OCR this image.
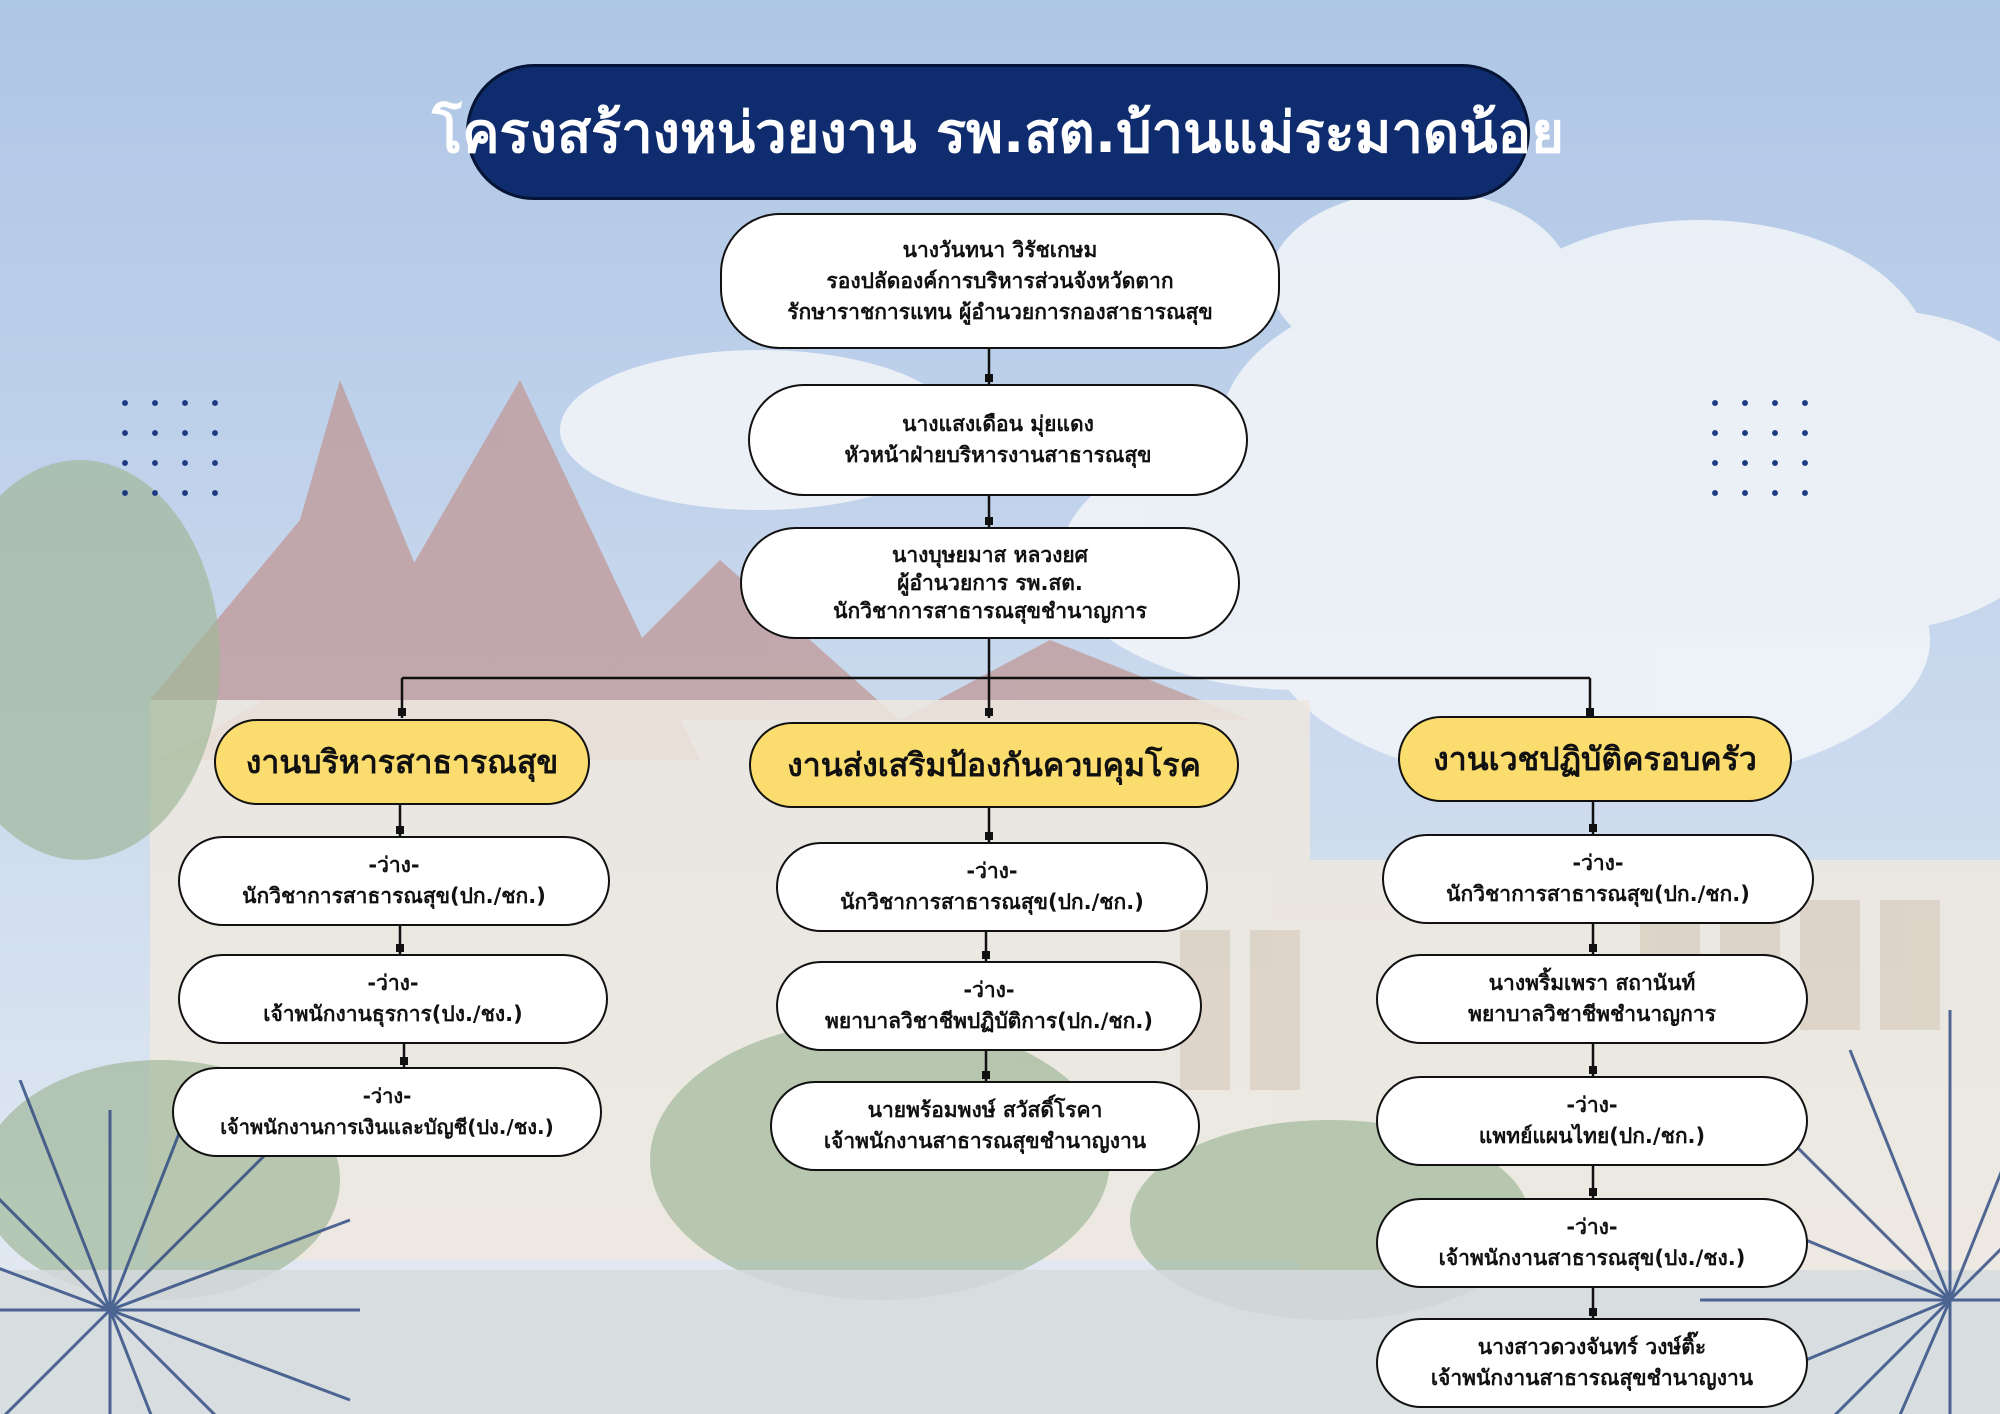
โครงสร้างหน่วยงาน รพ.สต.บ้านแม่ระมาดน้อย
นางวันทนา วิรัชเกษม
รองปลัดองค์การบริหารส่วนจังหวัดตาก
รักษาราชการแทน ผู้อำนวยการกองสาธารณสุข
นางแสงเดือน มุ่ยแดง
หัวหน้าฝ่ายบริหารงานสาธารณสุข
นางบุษยมาส หลวงยศ
ผู้อำนวยการ รพ.สต.
นักวิชาการสาธารณสุขชำนาญการ
งานบริหารสาธารณสุข	งานส่งเสริมป้องกันควบคุมโรค	งานเวชปฏิบัติครอบครัว
-ว่าง-
นักวิชาการสาธารณสุข(ปก./ชก.)
-ว่าง-
เจ้าพนักงานธุรการ(ปง./ชง.)
-ว่าง-
เจ้าพนักงานการเงินและบัญชี(ปง./ชง.)
-ว่าง-
นักวิชาการสาธารณสุข(ปก./ชก.)
-ว่าง-
พยาบาลวิชาชีพปฏิบัติการ(ปก./ชก.)
นายพร้อมพงษ์ สวัสดิ์โรคา
เจ้าพนักงานสาธารณสุขชำนาญงาน
-ว่าง-
นักวิชาการสาธารณสุข(ปก./ชก.)
นางพริ้มเพรา สถานันท์
พยาบาลวิชาชีพชำนาญการ
-ว่าง-
แพทย์แผนไทย(ปก./ชก.)
-ว่าง-
เจ้าพนักงานสาธารณสุข(ปง./ชง.)
นางสาวดวงจันทร์ วงษ์ติ๊ะ
เจ้าพนักงานสาธารณสุขชำนาญงาน
